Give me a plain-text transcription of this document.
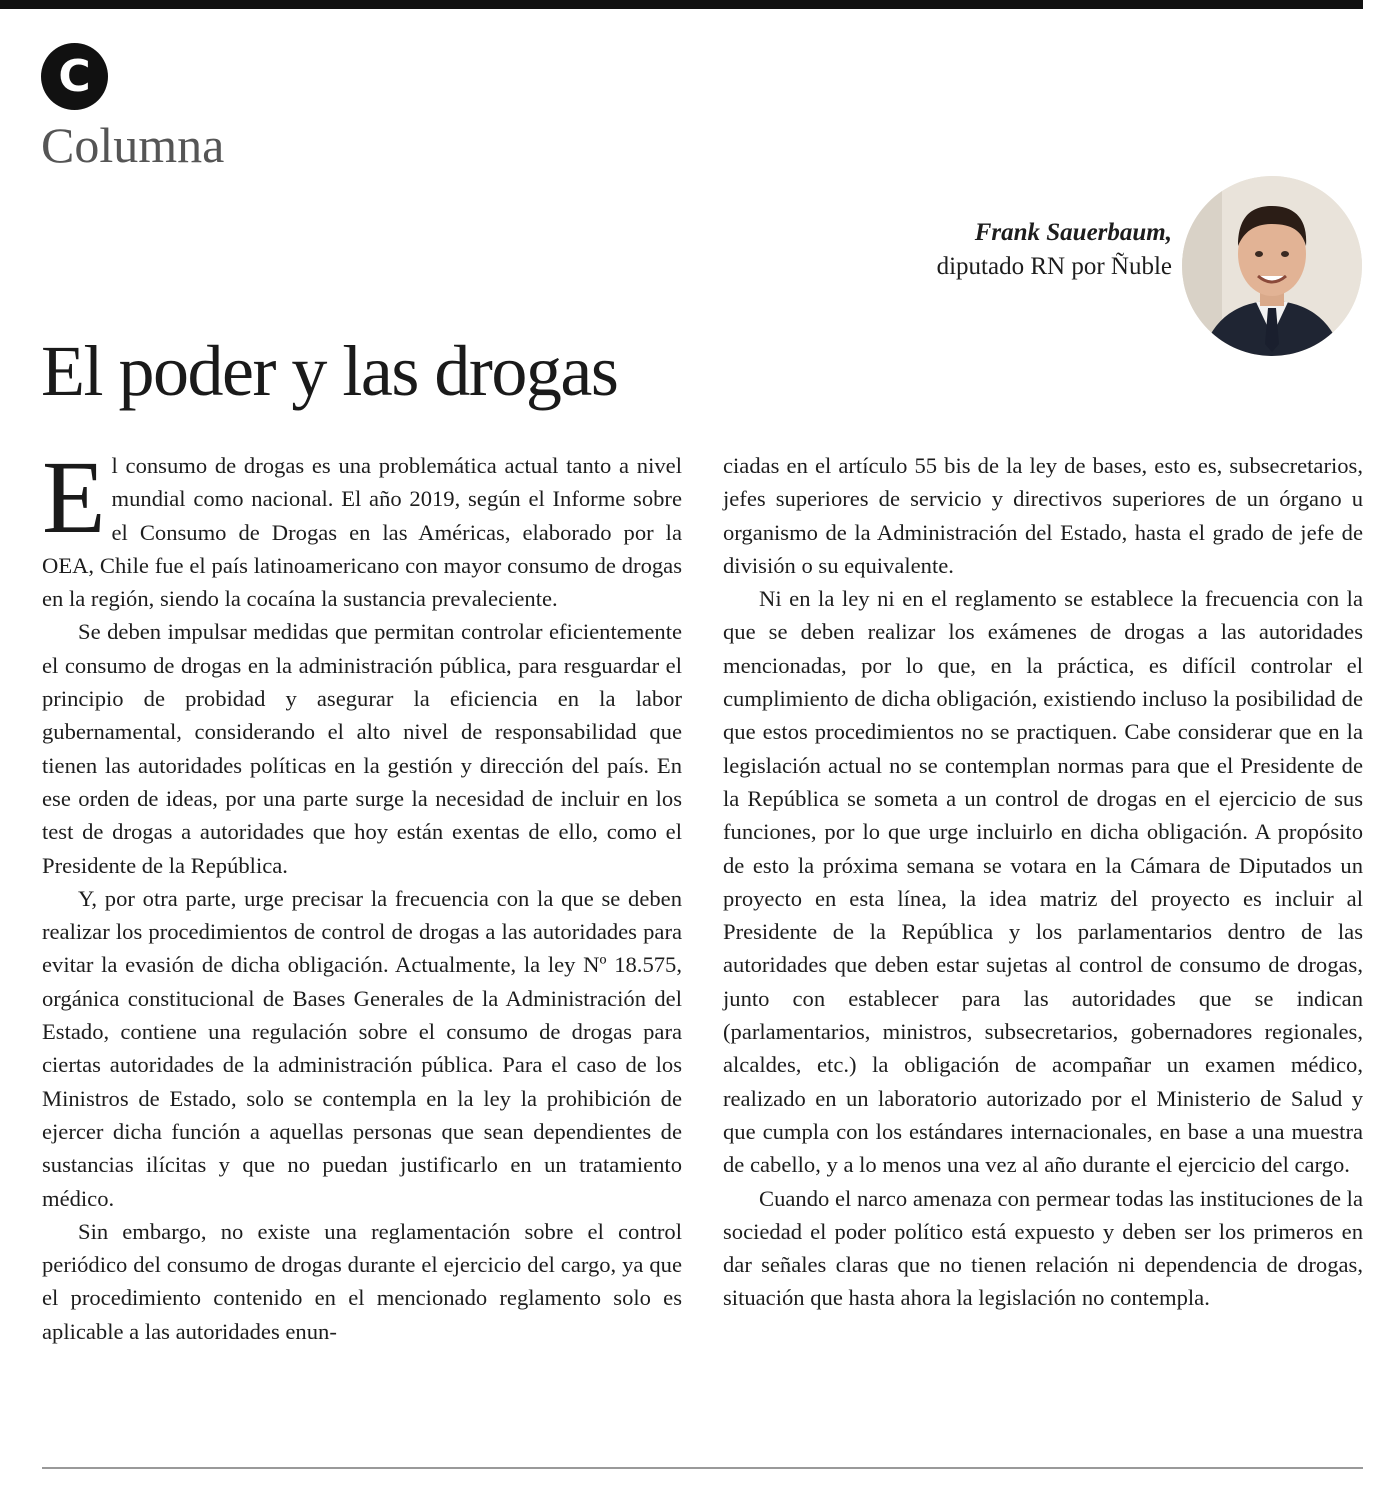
C
Columna
Frank Sauerbaum,
diputado RN por Ñuble
El poder y las drogas

El consumo de drogas es una problemática actual tanto a nivel mundial como nacional. El año 2019, según el Informe sobre el Consumo de Drogas en las Américas, elaborado por la OEA, Chile fue el país latinoamericano con mayor consumo de drogas en la región, siendo la cocaína la sustancia prevaleciente.

Se deben impulsar medidas que permitan controlar eficientemente el consumo de drogas en la administración pública, para resguardar el principio de probidad y asegurar la eficiencia en la labor gubernamental, considerando el alto nivel de responsabilidad que tienen las autoridades políticas en la gestión y dirección del país. En ese orden de ideas, por una parte surge la necesidad de incluir en los test de drogas a autoridades que hoy están exentas de ello, como el Presidente de la República.

Y, por otra parte, urge precisar la frecuencia con la que se deben realizar los procedimientos de control de drogas a las autoridades para evitar la evasión de dicha obligación. Actualmente, la ley Nº 18.575, orgánica constitucional de Bases Generales de la Administración del Estado, contiene una regulación sobre el consumo de drogas para ciertas autoridades de la administración pública. Para el caso de los Ministros de Estado, solo se contempla en la ley la prohibición de ejercer dicha función a aquellas personas que sean dependientes de sustancias ilícitas y que no puedan justificarlo en un tratamiento médico.

Sin embargo, no existe una reglamentación sobre el control periódico del consumo de drogas durante el ejercicio del cargo, ya que el procedimiento contenido en el mencionado reglamento solo es aplicable a las autoridades enun-

ciadas en el artículo 55 bis de la ley de bases, esto es, subsecretarios, jefes superiores de servicio y directivos superiores de un órgano u organismo de la Administración del Estado, hasta el grado de jefe de división o su equivalente.

Ni en la ley ni en el reglamento se establece la frecuencia con la que se deben realizar los exámenes de drogas a las autoridades mencionadas, por lo que, en la práctica, es difícil controlar el cumplimiento de dicha obligación, existiendo incluso la posibilidad de que estos procedimientos no se practiquen. Cabe considerar que en la legislación actual no se contemplan normas para que el Presidente de la República se someta a un control de drogas en el ejercicio de sus funciones, por lo que urge incluirlo en dicha obligación. A propósito de esto la próxima semana se votara en la Cámara de Diputados un proyecto en esta línea, la idea matriz del proyecto es incluir al Presidente de la República y los parlamentarios dentro de las autoridades que deben estar sujetas al control de consumo de drogas, junto con establecer para las autoridades que se indican (parlamentarios, ministros, subsecretarios, gobernadores regionales, alcaldes, etc.) la obligación de acompañar un examen médico, realizado en un laboratorio autorizado por el Ministerio de Salud y que cumpla con los estándares internacionales, en base a una muestra de cabello, y a lo menos una vez al año durante el ejercicio del cargo.

Cuando el narco amenaza con permear todas las instituciones de la sociedad el poder político está expuesto y deben ser los primeros en dar señales claras que no tienen relación ni dependencia de drogas, situación que hasta ahora la legislación no contempla.
